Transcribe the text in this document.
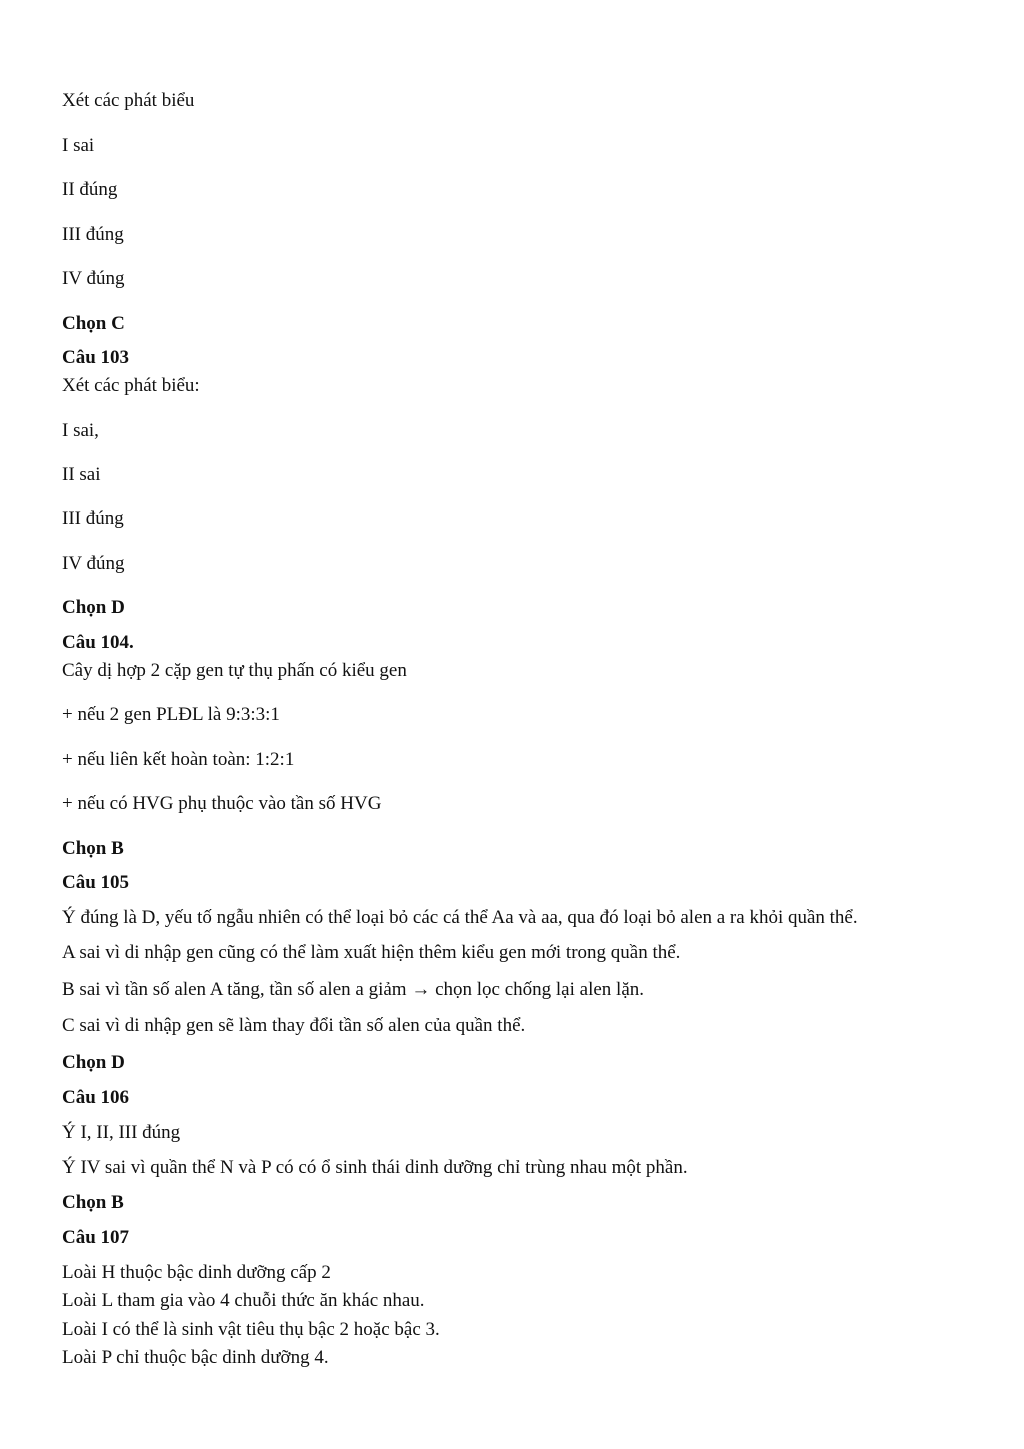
Xét các phát biểu
I sai
II đúng
III đúng
IV đúng
Chọn C
Câu 103
Xét các phát biểu:
I sai,
II sai
III đúng
IV đúng
Chọn D
Câu 104.
Cây dị hợp 2 cặp gen tự thụ phấn có kiểu gen
+ nếu 2 gen PLĐL là 9:3:3:1
+ nếu liên kết hoàn toàn: 1:2:1
+ nếu có HVG phụ thuộc vào tần số HVG
Chọn B
Câu 105
Ý đúng là D, yếu tố ngẫu nhiên có thể loại bỏ các cá thể Aa và aa, qua đó loại bỏ alen a ra khỏi quần thể.
A sai vì di nhập gen cũng có thể làm xuất hiện thêm kiểu gen mới trong quần thể.
B sai vì tần số alen A tăng, tần số alen a giảm → chọn lọc chống lại alen lặn.
C sai vì di nhập gen sẽ làm thay đổi tần số alen của quần thể.
Chọn D
Câu 106
Ý I, II, III đúng
Ý IV sai vì quần thể N và P có có ổ sinh thái dinh dưỡng chỉ trùng nhau một phần.
Chọn B
Câu 107
Loài H thuộc bậc dinh dưỡng cấp 2
Loài L tham gia vào 4 chuỗi thức ăn khác nhau.
Loài I có thể là sinh vật tiêu thụ bậc 2 hoặc bậc 3.
Loài P chỉ thuộc bậc dinh dưỡng 4.
